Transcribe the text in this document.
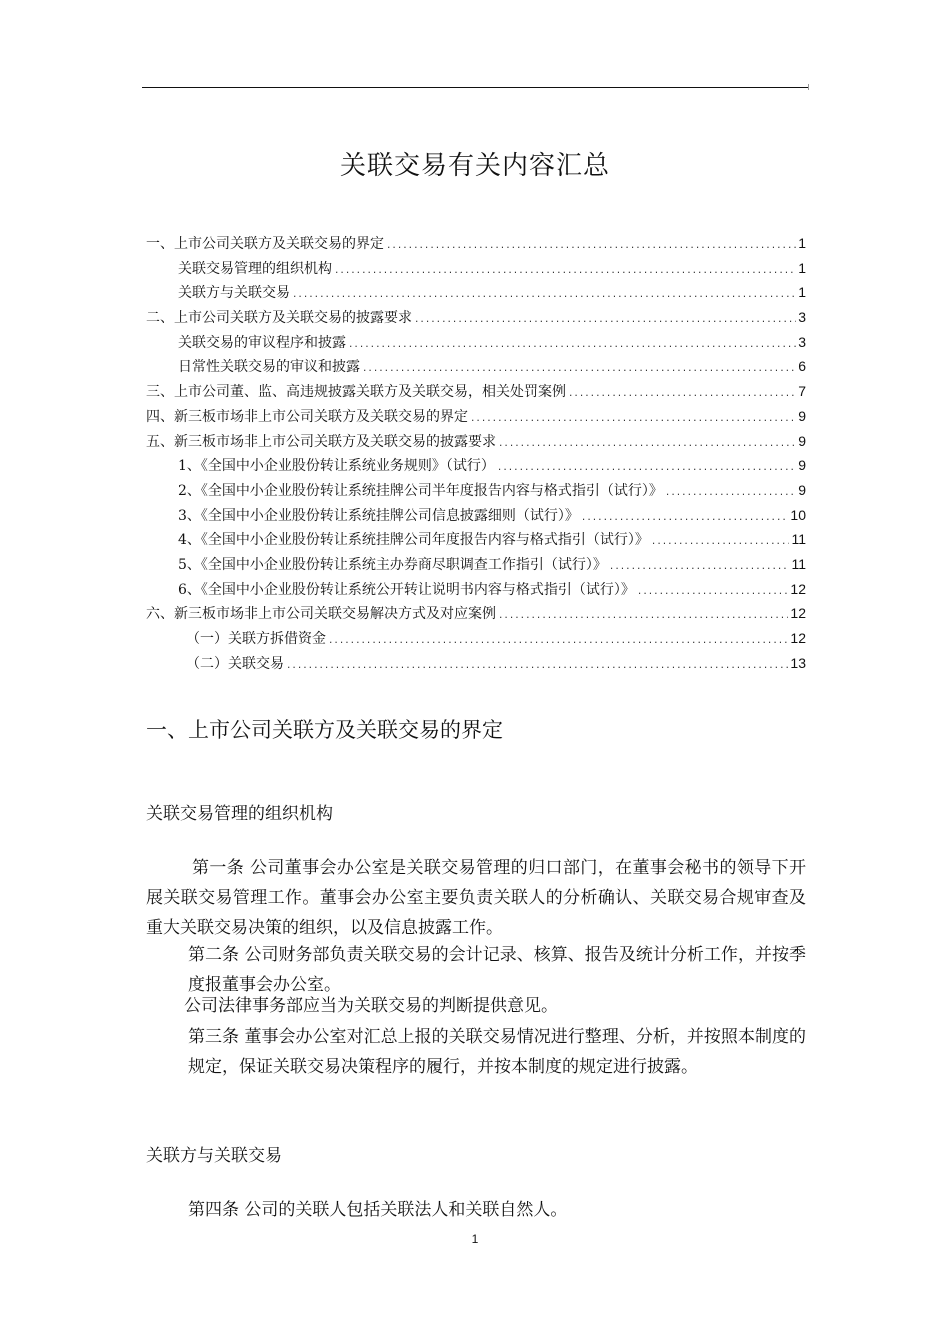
关联交易有关内容汇总
一、上市公司关联方及关联交易的界定 .....	1
关联交易管理的组织机构 .....	1
关联方与关联交易 .....	1
二、上市公司关联方及关联交易的披露要求 .....	3
关联交易的审议程序和披露 .....	3
日常性关联交易的审议和披露 .....	6
三、上市公司董、监、高违规披露关联方及关联交易，相关处罚案例 .....	7
四、新三板市场非上市公司关联方及关联交易的界定 .....	9
五、新三板市场非上市公司关联方及关联交易的披露要求 .....	9
1、《全国中小企业股份转让系统业务规则》（试行） .....	9
2、《全国中小企业股份转让系统挂牌公司半年度报告内容与格式指引（试行）》 .....	9
3、《全国中小企业股份转让系统挂牌公司信息披露细则（试行）》 .....	10
4、《全国中小企业股份转让系统挂牌公司年度报告内容与格式指引（试行）》 .....	11
5、《全国中小企业股份转让系统主办券商尽职调查工作指引（试行）》 .....	11
6、《全国中小企业股份转让系统公开转让说明书内容与格式指引（试行）》 .....	12
六、新三板市场非上市公司关联交易解决方式及对应案例 .....	12
（一）关联方拆借资金 .....	12
（二）关联交易 .....	13
一、上市公司关联方及关联交易的界定
关联交易管理的组织机构
第一条 公司董事会办公室是关联交易管理的归口部门，在董事会秘书的领导下开展关联交易管理工作。董事会办公室主要负责关联人的分析确认、关联交易合规审查及重大关联交易决策的组织，以及信息披露工作。
第二条 公司财务部负责关联交易的会计记录、核算、报告及统计分析工作，并按季度报董事会办公室。
公司法律事务部应当为关联交易的判断提供意见。
第三条 董事会办公室对汇总上报的关联交易情况进行整理、分析，并按照本制度的规定，保证关联交易决策程序的履行，并按本制度的规定进行披露。
关联方与关联交易
第四条 公司的关联人包括关联法人和关联自然人。
1
